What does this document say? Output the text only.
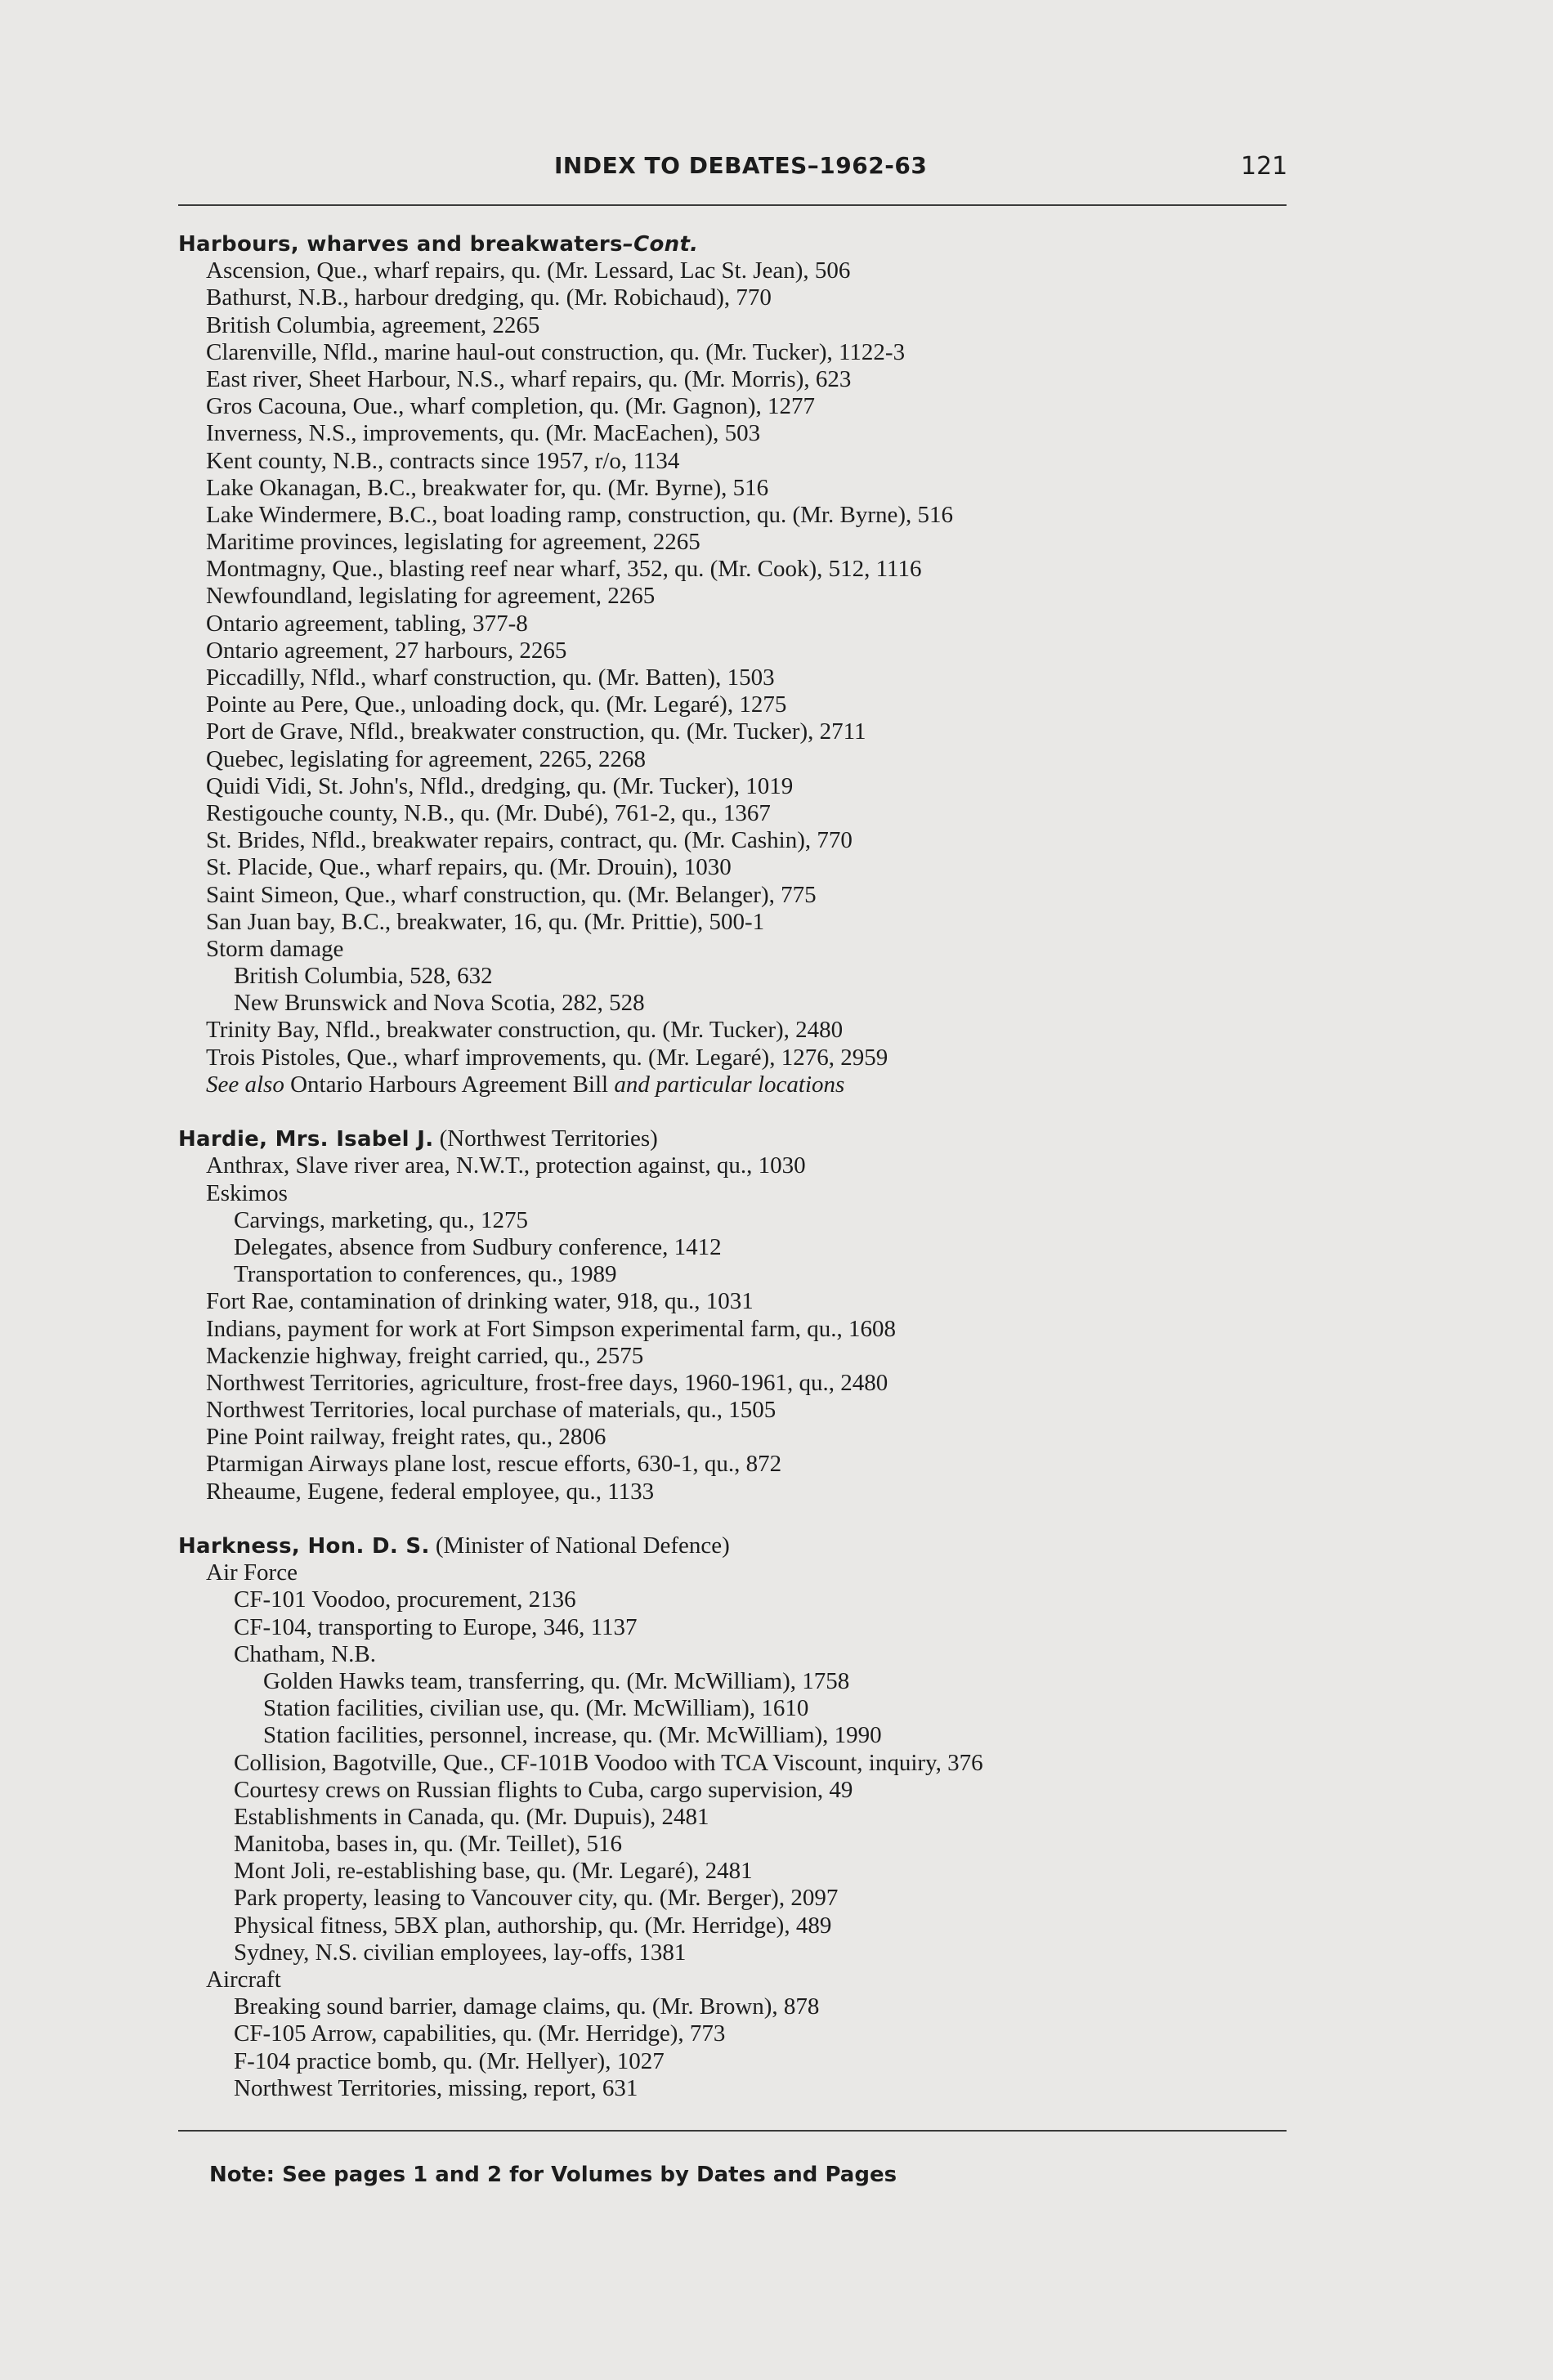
INDEX TO DEBATES–1962-63	121
Harbours, wharves and breakwaters–Cont.
Ascension, Que., wharf repairs, qu. (Mr. Lessard, Lac St. Jean), 506
Bathurst, N.B., harbour dredging, qu. (Mr. Robichaud), 770
British Columbia, agreement, 2265
Clarenville, Nfld., marine haul-out construction, qu. (Mr. Tucker), 1122-3
East river, Sheet Harbour, N.S., wharf repairs, qu. (Mr. Morris), 623
Gros Cacouna, Oue., wharf completion, qu. (Mr. Gagnon), 1277
Inverness, N.S., improvements, qu. (Mr. MacEachen), 503
Kent county, N.B., contracts since 1957, r/o, 1134
Lake Okanagan, B.C., breakwater for, qu. (Mr. Byrne), 516
Lake Windermere, B.C., boat loading ramp, construction, qu. (Mr. Byrne), 516
Maritime provinces, legislating for agreement, 2265
Montmagny, Que., blasting reef near wharf, 352, qu. (Mr. Cook), 512, 1116
Newfoundland, legislating for agreement, 2265
Ontario agreement, tabling, 377-8
Ontario agreement, 27 harbours, 2265
Piccadilly, Nfld., wharf construction, qu. (Mr. Batten), 1503
Pointe au Pere, Que., unloading dock, qu. (Mr. Legaré), 1275
Port de Grave, Nfld., breakwater construction, qu. (Mr. Tucker), 2711
Quebec, legislating for agreement, 2265, 2268
Quidi Vidi, St. John's, Nfld., dredging, qu. (Mr. Tucker), 1019
Restigouche county, N.B., qu. (Mr. Dubé), 761-2, qu., 1367
St. Brides, Nfld., breakwater repairs, contract, qu. (Mr. Cashin), 770
St. Placide, Que., wharf repairs, qu. (Mr. Drouin), 1030
Saint Simeon, Que., wharf construction, qu. (Mr. Belanger), 775
San Juan bay, B.C., breakwater, 16, qu. (Mr. Prittie), 500-1
Storm damage
British Columbia, 528, 632
New Brunswick and Nova Scotia, 282, 528
Trinity Bay, Nfld., breakwater construction, qu. (Mr. Tucker), 2480
Trois Pistoles, Que., wharf improvements, qu. (Mr. Legaré), 1276, 2959
See also Ontario Harbours Agreement Bill and particular locations
Hardie, Mrs. Isabel J. (Northwest Territories)
Anthrax, Slave river area, N.W.T., protection against, qu., 1030
Eskimos
Carvings, marketing, qu., 1275
Delegates, absence from Sudbury conference, 1412
Transportation to conferences, qu., 1989
Fort Rae, contamination of drinking water, 918, qu., 1031
Indians, payment for work at Fort Simpson experimental farm, qu., 1608
Mackenzie highway, freight carried, qu., 2575
Northwest Territories, agriculture, frost-free days, 1960-1961, qu., 2480
Northwest Territories, local purchase of materials, qu., 1505
Pine Point railway, freight rates, qu., 2806
Ptarmigan Airways plane lost, rescue efforts, 630-1, qu., 872
Rheaume, Eugene, federal employee, qu., 1133
Harkness, Hon. D. S. (Minister of National Defence)
Air Force
CF-101 Voodoo, procurement, 2136
CF-104, transporting to Europe, 346, 1137
Chatham, N.B.
Golden Hawks team, transferring, qu. (Mr. McWilliam), 1758
Station facilities, civilian use, qu. (Mr. McWilliam), 1610
Station facilities, personnel, increase, qu. (Mr. McWilliam), 1990
Collision, Bagotville, Que., CF-101B Voodoo with TCA Viscount, inquiry, 376
Courtesy crews on Russian flights to Cuba, cargo supervision, 49
Establishments in Canada, qu. (Mr. Dupuis), 2481
Manitoba, bases in, qu. (Mr. Teillet), 516
Mont Joli, re-establishing base, qu. (Mr. Legaré), 2481
Park property, leasing to Vancouver city, qu. (Mr. Berger), 2097
Physical fitness, 5BX plan, authorship, qu. (Mr. Herridge), 489
Sydney, N.S. civilian employees, lay-offs, 1381
Aircraft
Breaking sound barrier, damage claims, qu. (Mr. Brown), 878
CF-105 Arrow, capabilities, qu. (Mr. Herridge), 773
F-104 practice bomb, qu. (Mr. Hellyer), 1027
Northwest Territories, missing, report, 631
Note: See pages 1 and 2 for Volumes by Dates and Pages
